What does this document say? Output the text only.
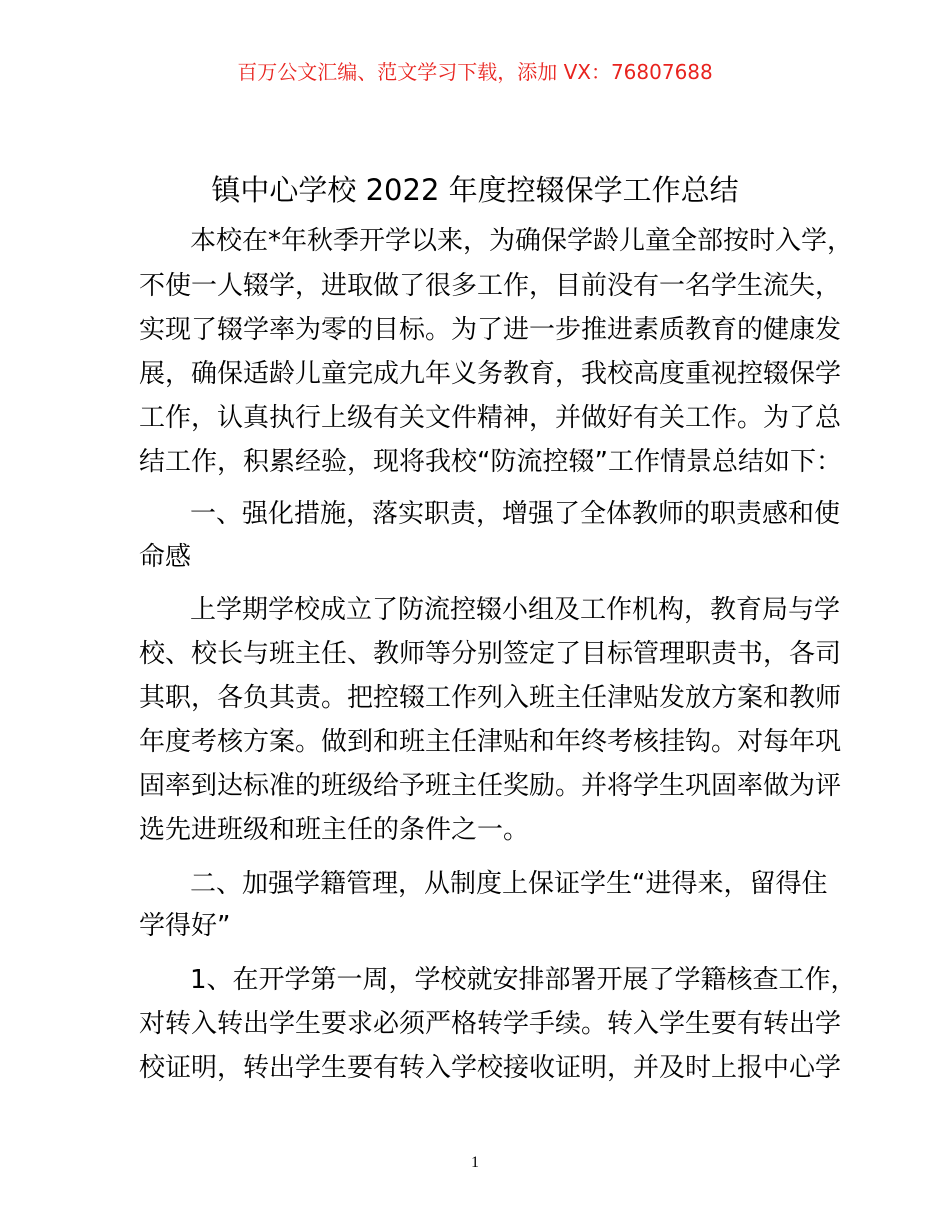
百万公文汇编、范文学习下载，添加 VX：76807688
镇中心学校 2022 年度控辍保学工作总结
本校在*年秋季开学以来，为确保学龄儿童全部按时入学，
不使一人辍学，进取做了很多工作，目前没有一名学生流失，
实现了辍学率为零的目标。为了进一步推进素质教育的健康发
展，确保适龄儿童完成九年义务教育，我校高度重视控辍保学
工作，认真执行上级有关文件精神，并做好有关工作。为了总
结工作，积累经验，现将我校“防流控辍”工作情景总结如下：
一、强化措施，落实职责，增强了全体教师的职责感和使
命感
上学期学校成立了防流控辍小组及工作机构，教育局与学
校、校长与班主任、教师等分别签定了目标管理职责书，各司
其职，各负其责。把控辍工作列入班主任津贴发放方案和教师
年度考核方案。做到和班主任津贴和年终考核挂钩。对每年巩
固率到达标准的班级给予班主任奖励。并将学生巩固率做为评
选先进班级和班主任的条件之一。
二、加强学籍管理，从制度上保证学生“进得来，留得住
学得好”
1、在开学第一周，学校就安排部署开展了学籍核查工作，
对转入转出学生要求必须严格转学手续。转入学生要有转出学
校证明，转出学生要有转入学校接收证明，并及时上报中心学
1
